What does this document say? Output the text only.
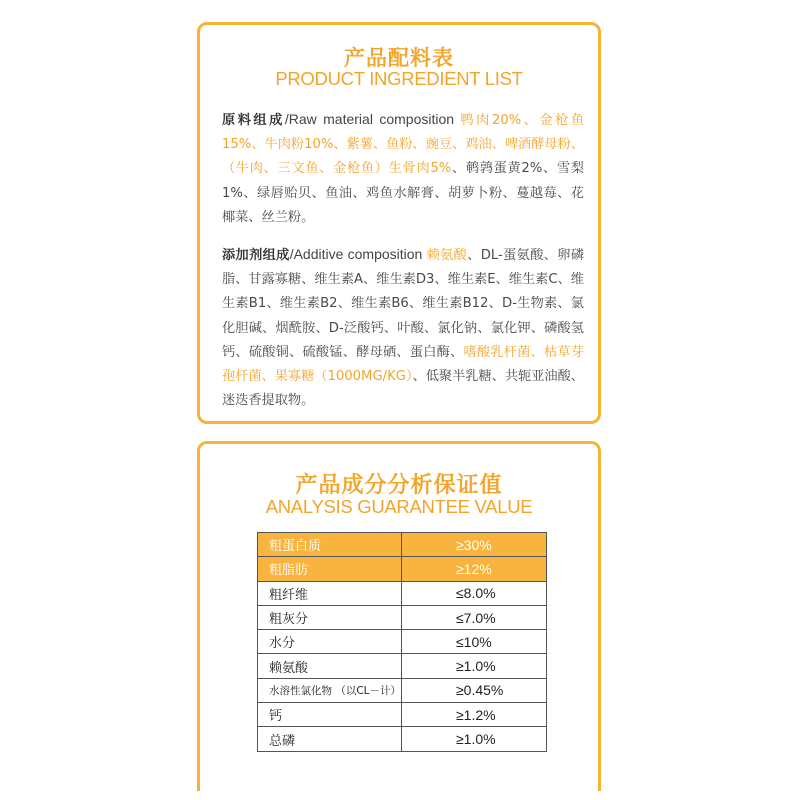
产品配料表
PRODUCT INGREDIENT LIST
原料组成/Raw material composition 鸭肉20%、金枪鱼15%、牛肉粉10%、紫薯、鱼粉、豌豆、鸡油、啤酒酵母粉、（牛肉、三文鱼、金枪鱼）生骨肉5%、鹌鹑蛋黄2%、雪梨1%、绿唇贻贝、鱼油、鸡鱼水解膏、胡萝卜粉、蔓越莓、花椰菜、丝兰粉。
添加剂组成/Additive composition 赖氨酸、DL-蛋氨酸、卵磷脂、甘露寡糖、维生素A、维生素D3、维生素E、维生素C、维生素B1、维生素B2、维生素B6、维生素B12、D-生物素、氯化胆碱、烟酰胺、D-泛酸钙、叶酸、氯化钠、氯化钾、磷酸氢钙、硫酸铜、硫酸锰、酵母硒、蛋白酶、嗜酸乳杆菌、枯草芽孢杆菌、果寡糖（1000MG/KG）、低聚半乳糖、共轭亚油酸、迷迭香提取物。
产品成分分析保证值
ANALYSIS GUARANTEE VALUE
粗蛋白质	≥30%
粗脂肪	≥12%
粗纤维	≤8.0%
粗灰分	≤7.0%
水分	≤10%
赖氨酸	≥1.0%
水溶性氯化物 （以CL－计）	≥0.45%
钙	≥1.2%
总磷	≥1.0%
